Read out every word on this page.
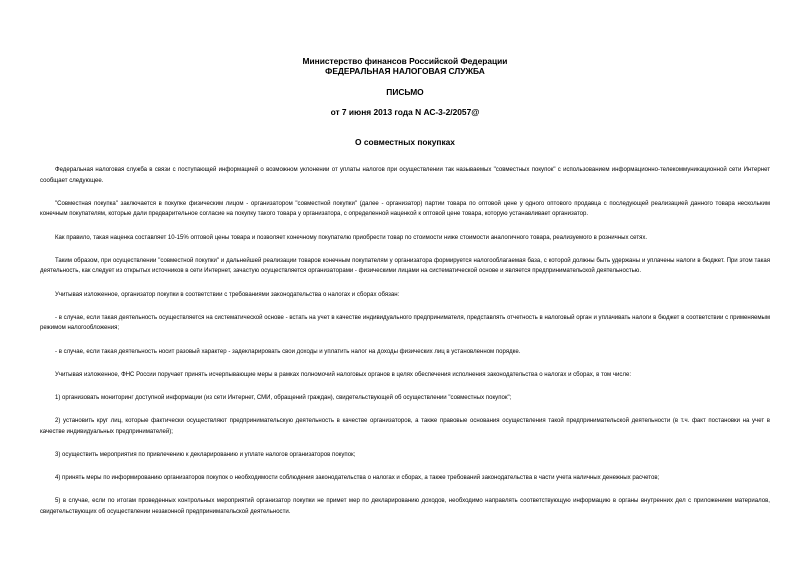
Министерство финансов Российской Федерации
ФЕДЕРАЛЬНАЯ НАЛОГОВАЯ СЛУЖБА
ПИСЬМО
от 7 июня 2013 года N АС-3-2/2057@
О совместных покупках

Федеральная налоговая служба в связи с поступающей информацией о возможном уклонении от уплаты налогов при осуществлении так называемых "совместных покупок" с использованием информационно-телекоммуникационной сети Интернет сообщает следующее.

"Совместная покупка" заключается в покупке физическим лицом - организатором "совместной покупки" (далее - организатор) партии товара по оптовой цене у одного оптового продавца с последующей реализацией данного товара нескольким конечным покупателям, которые дали предварительное согласие на покупку такого товара у организатора, с определенной наценкой к оптовой цене товара, которую устанавливает организатор.

Как правило, такая наценка составляет 10-15% оптовой цены товара и позволяет конечному покупателю приобрести товар по стоимости ниже стоимости аналогичного товара, реализуемого в розничных сетях.

Таким образом, при осуществлении "совместной покупки" и дальнейшей реализации товаров конечным покупателям у организатора формируется налогооблагаемая база, с которой должны быть удержаны и уплачены налоги в бюджет. При этом такая деятельность, как следует из открытых источников в сети Интернет, зачастую осуществляется организаторами - физическими лицами на систематической основе и является предпринимательской деятельностью.

Учитывая изложенное, организатор покупки в соответствии с требованиями законодательства о налогах и сборах обязан:

- в случае, если такая деятельность осуществляется на систематической основе - встать на учет в качестве индивидуального предпринимателя, представлять отчетность в налоговый орган и уплачивать налоги в бюджет в соответствии с применяемым режимом налогообложения;

- в случае, если такая деятельность носит разовый характер - задекларировать свои доходы и уплатить налог на доходы физических лиц в установленном порядке.

Учитывая изложенное, ФНС России поручает принять исчерпывающие меры в рамках полномочий налоговых органов в целях обеспечения исполнения законодательства о налогах и сборах, в том числе:

1) организовать мониторинг доступной информации (из сети Интернет, СМИ, обращений граждан), свидетельствующей об осуществлении "совместных покупок";

2) установить круг лиц, которые фактически осуществляют предпринимательскую деятельность в качестве организаторов, а также правовые основания осуществления такой предпринимательской деятельности (в т.ч. факт постановки на учет в качестве индивидуальных предпринимателей);

3) осуществить мероприятия по привлечению к декларированию и уплате налогов организаторов покупок;

4) принять меры по информированию организаторов покупок о необходимости соблюдения законодательства о налогах и сборах, а также требований законодательства в части учета наличных денежных расчетов;

5) в случае, если по итогам проведенных контрольных мероприятий организатор покупки не примет мер по декларированию доходов, необходимо направлять соответствующую информацию в органы внутренних дел с приложением материалов, свидетельствующих об осуществлении незаконной предпринимательской деятельности.
